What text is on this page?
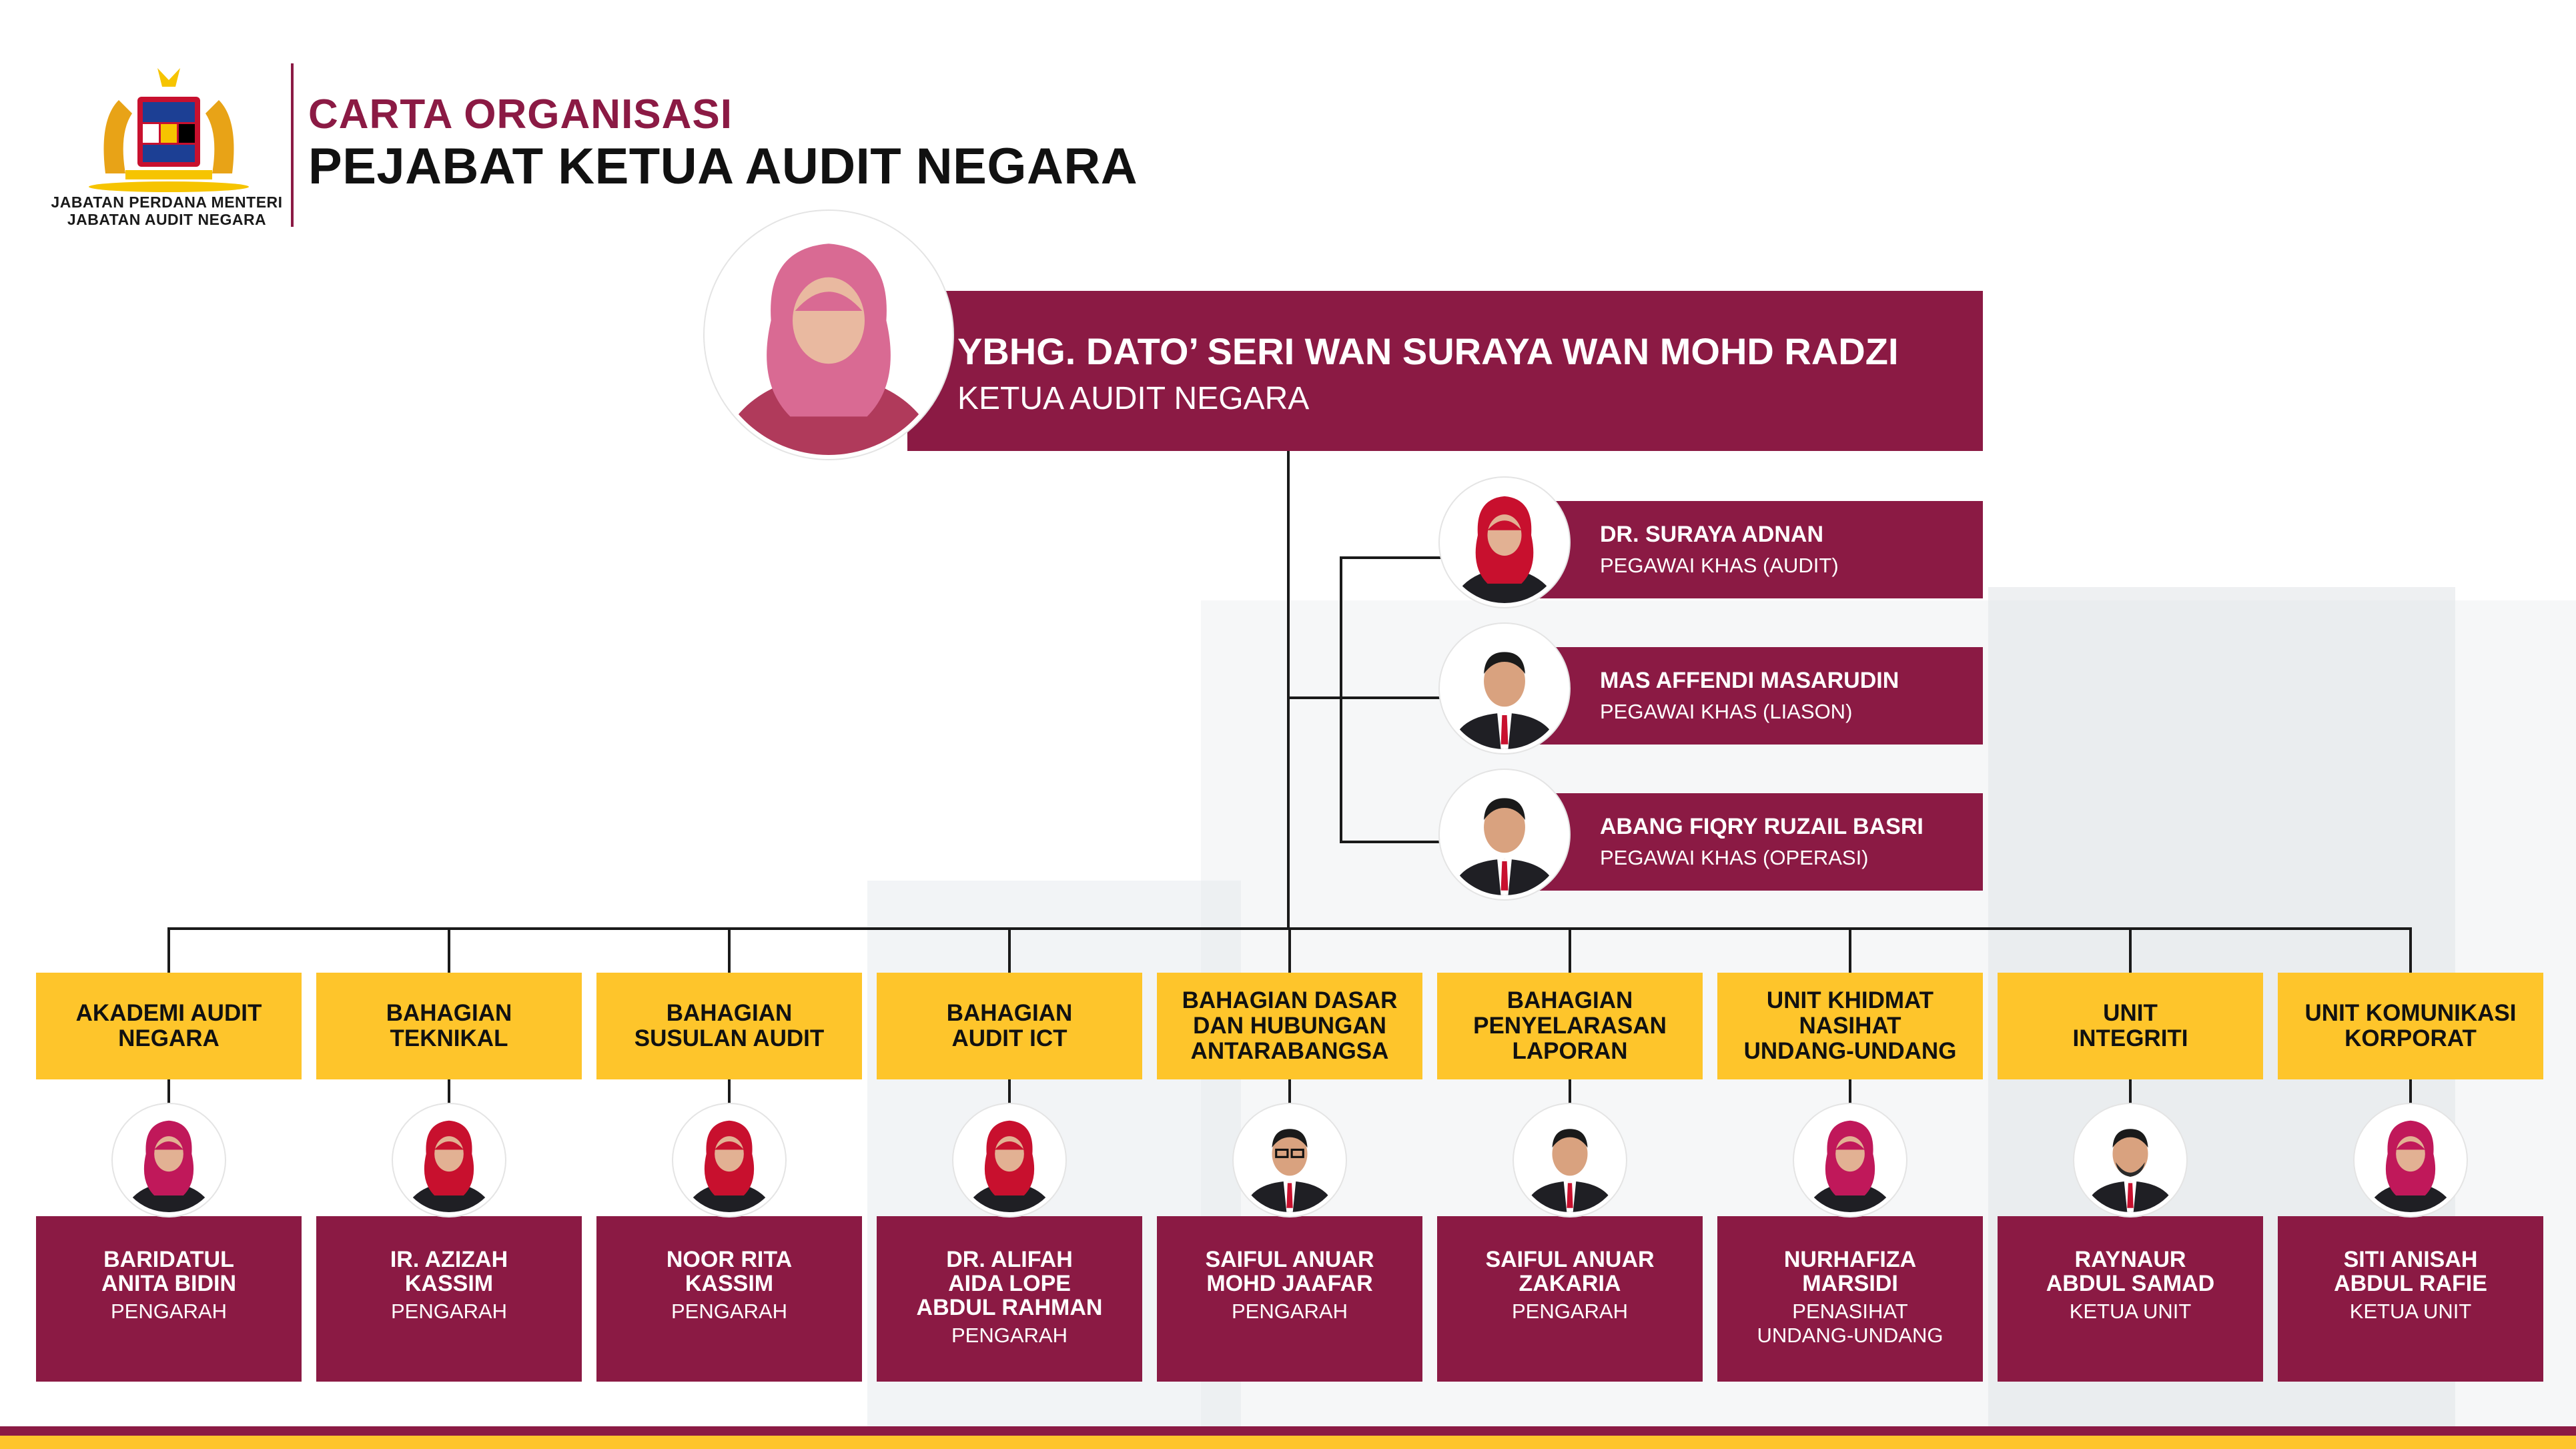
JABATAN PERDANA MENTERI
JABATAN AUDIT NEGARA
CARTA ORGANISASI
PEJABAT KETUA AUDIT NEGARA
YBHG. DATO’ SERI WAN SURAYA WAN MOHD RADZI
KETUA AUDIT NEGARA
DR. SURAYA ADNAN
PEGAWAI KHAS (AUDIT)
MAS AFFENDI MASARUDIN
PEGAWAI KHAS (LIASON)
ABANG FIQRY RUZAIL BASRI
PEGAWAI KHAS (OPERASI)
AKADEMI AUDIT
NEGARA
BARIDATUL
ANITA BIDIN
PENGARAH
BAHAGIAN
TEKNIKAL
IR. AZIZAH
KASSIM
PENGARAH
BAHAGIAN
SUSULAN AUDIT
NOOR RITA
KASSIM
PENGARAH
BAHAGIAN
AUDIT ICT
DR. ALIFAH
AIDA LOPE
ABDUL RAHMAN
PENGARAH
BAHAGIAN DASAR
DAN HUBUNGAN
ANTARABANGSA
SAIFUL ANUAR
MOHD JAAFAR
PENGARAH
BAHAGIAN
PENYELARASAN
LAPORAN
SAIFUL ANUAR
ZAKARIA
PENGARAH
UNIT KHIDMAT
NASIHAT
UNDANG-UNDANG
NURHAFIZA
MARSIDI
PENASIHAT
UNDANG-UNDANG
UNIT
INTEGRITI
RAYNAUR
ABDUL SAMAD
KETUA UNIT
UNIT KOMUNIKASI
KORPORAT
SITI ANISAH
ABDUL RAFIE
KETUA UNIT
